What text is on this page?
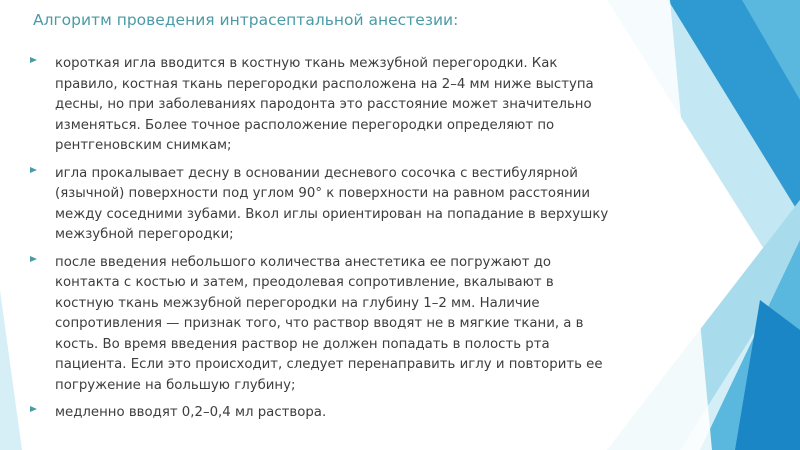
Алгоритм проведения интрасептальной анестезии:
короткая игла вводится в костную ткань межзубной перегородки. Как правило, костная ткань перегородки расположена на 2–4 мм ниже выступа десны, но при заболеваниях пародонта это расстояние может значительно изменяться. Более точное расположение перегородки определяют по рентгеновским снимкам;
игла прокалывает десну в основании десневого сосочка с вестибулярной (язычной) поверхности под углом 90° к поверхности на равном расстоянии между соседними зубами. Вкол иглы ориентирован на попадание в верхушку межзубной перегородки;
после введения небольшого количества анестетика ее погружают до контакта с костью и затем, преодолевая сопротивление, вкалывают в костную ткань межзубной перегородки на глубину 1–2 мм. Наличие сопротивления — признак того, что раствор вводят не в мягкие ткани, а в кость. Во время введения раствор не должен попадать в полость рта пациента. Если это происходит, следует перенаправить иглу и повторить ее погружение на большую глубину;
медленно вводят 0,2–0,4 мл раствора.
